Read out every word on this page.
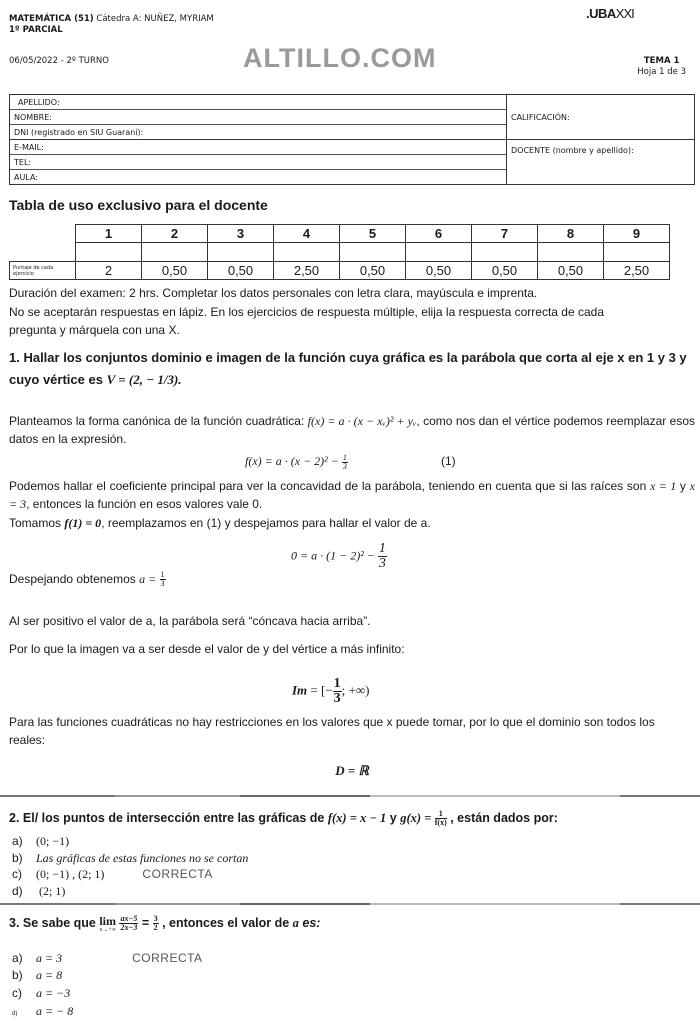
MATEMÁTICA (51) Cátedra A: NUÑEZ, MYRIAM
1º PARCIAL
06/05/2022 - 2º TURNO	ALTILLO.COM
.UBAXXI
TEMA 1
Hoja 1 de 3
APELLIDO:
NOMBRE:
DNI (registrado en SIU Guaraní):
E-MAIL:
TEL:
AULA:
CALIFICACIÓN:
DOCENTE (nombre y apellido):
Tabla de uso exclusivo para el docente
	1	2	3	4	5	6	7	8	9

Puntaje de cada ejercicio	2	0,50	0,50	2,50	0,50	0,50	0,50	0,50	2,50
Duración del examen: 2 hrs. Completar los datos personales con letra clara, mayúscula e imprenta.
No se aceptarán respuestas en lápiz. En los ejercicios de respuesta múltiple, elija la respuesta correcta de cada pregunta y márquela con una X.
1. Hallar los conjuntos dominio e imagen de la función cuya gráfica es la parábola que corta al eje x en 1 y 3 y cuyo vértice es V = (2, − 1/3).
Planteamos la forma canónica de la función cuadrática: f(x) = a · (x − xᵥ)² + yᵥ, como nos dan el vértice podemos reemplazar esos datos en la expresión.
$f(x) = a \cdot (x - 2)^2 - \frac{1}{3}$	(1)
Podemos hallar el coeficiente principal para ver la concavidad de la parábola, teniendo en cuenta que si las raíces son x = 1 y x = 3, entonces la función en esos valores vale 0.
Tomamos f(1) = 0, reemplazamos en (1) y despejamos para hallar el valor de a.
$0 = a \cdot (1 - 2)^2 - \frac{1}{3}$
Despejando obtenemos $a = \frac{1}{3}$
Al ser positivo el valor de a, la parábola será “cóncava hacia arriba”.
Por lo que la imagen va a ser desde el valor de y del vértice a más infinito:
Im = [− $\frac{1}{3}$ ; +∞)
Para las funciones cuadráticas no hay restricciones en los valores que x puede tomar, por lo que el dominio son todos los reales:
D = ℝ
2. El/ los puntos de intersección entre las gráficas de f(x) = x − 1 y $g(x) = \frac{1}{f(x)}$ , están dados por:
a) (0; −1)
b) Las gráficas de estas funciones no se cortan
c) (0; −1) , (2; 1)	CORRECTA
d) (2; 1)
3. Se sabe que lim
x→+∞
$\frac{ax-5}{2x-3} = \frac{3}{2}$ , entonces el valor de a es:
a) a = 3	CORRECTA
b) a = 8
c) a = −3
d) a = − 8
